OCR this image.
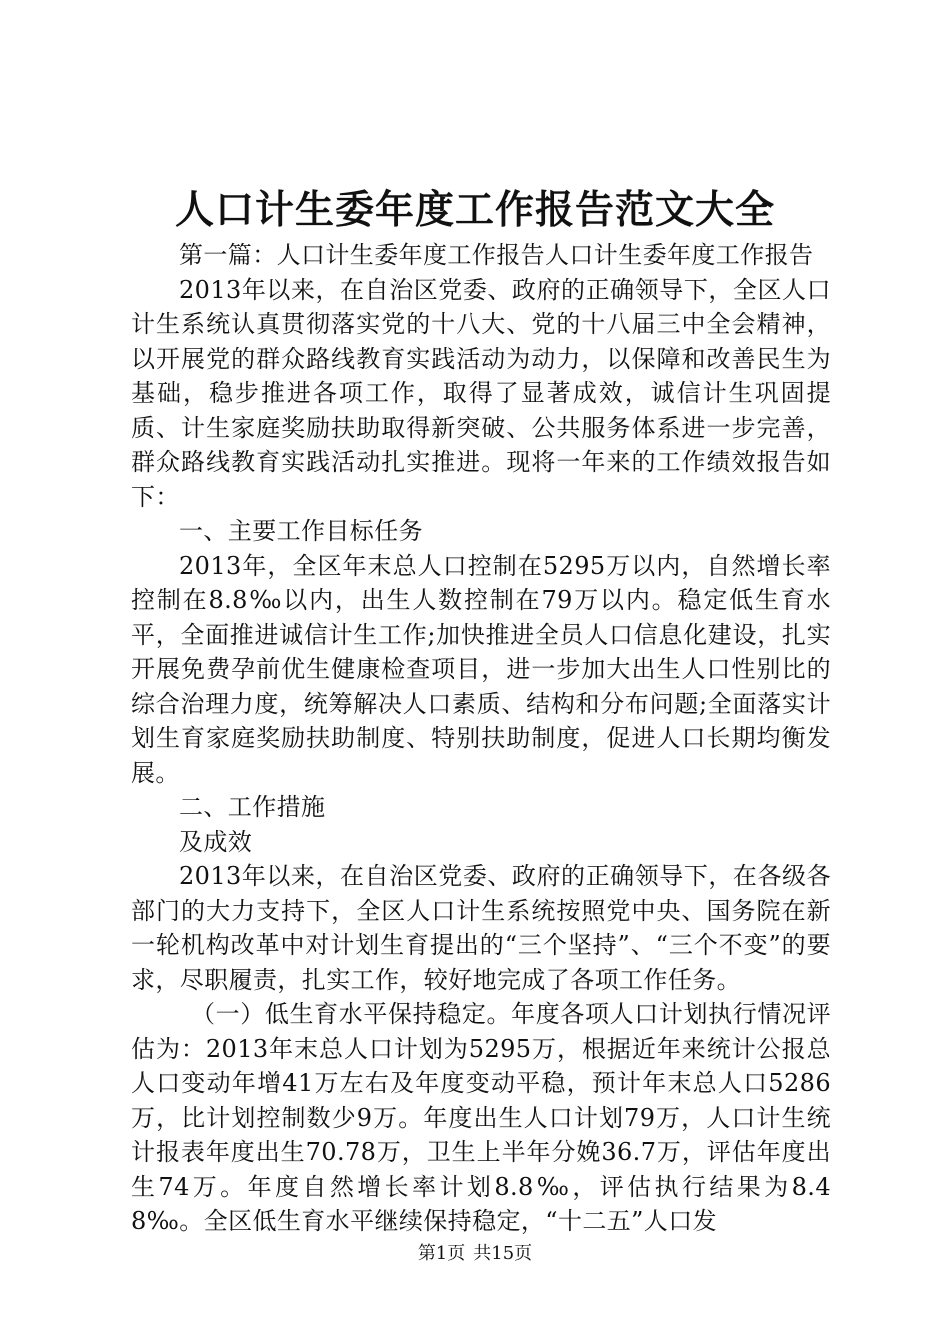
人口计生委年度工作报告范文大全

第一篇：人口计生委年度工作报告人口计生委年度工作报告

2013年以来，在自治区党委、政府的正确领导下，全区人口计生系统认真贯彻落实党的十八大、党的十八届三中全会精神，以开展党的群众路线教育实践活动为动力，以保障和改善民生为基础，稳步推进各项工作，取得了显著成效，诚信计生巩固提质、计生家庭奖励扶助取得新突破、公共服务体系进一步完善，群众路线教育实践活动扎实推进。现将一年来的工作绩效报告如下：

一、主要工作目标任务

2013年，全区年末总人口控制在5295万以内，自然增长率控制在8.8‰以内，出生人数控制在79万以内。稳定低生育水平，全面推进诚信计生工作;加快推进全员人口信息化建设，扎实开展免费孕前优生健康检查项目，进一步加大出生人口性别比的综合治理力度，统筹解决人口素质、结构和分布问题;全面落实计划生育家庭奖励扶助制度、特别扶助制度，促进人口长期均衡发展。

二、工作措施

及成效

2013年以来，在自治区党委、政府的正确领导下，在各级各部门的大力支持下，全区人口计生系统按照党中央、国务院在新一轮机构改革中对计划生育提出的“三个坚持”、“三个不变”的要求，尽职履责，扎实工作，较好地完成了各项工作任务。

（一）低生育水平保持稳定。年度各项人口计划执行情况评估为：2013年末总人口计划为5295万，根据近年来统计公报总人口变动年增41万左右及年度变动平稳，预计年末总人口5286万，比计划控制数少9万。年度出生人口计划79万，人口计生统计报表年度出生70.78万，卫生上半年分娩36.7万，评估年度出生74万。年度自然增长率计划8.8‰，评估执行结果为8.48‰。全区低生育水平继续保持稳定，“十二五”人口发

第1页 共15页
